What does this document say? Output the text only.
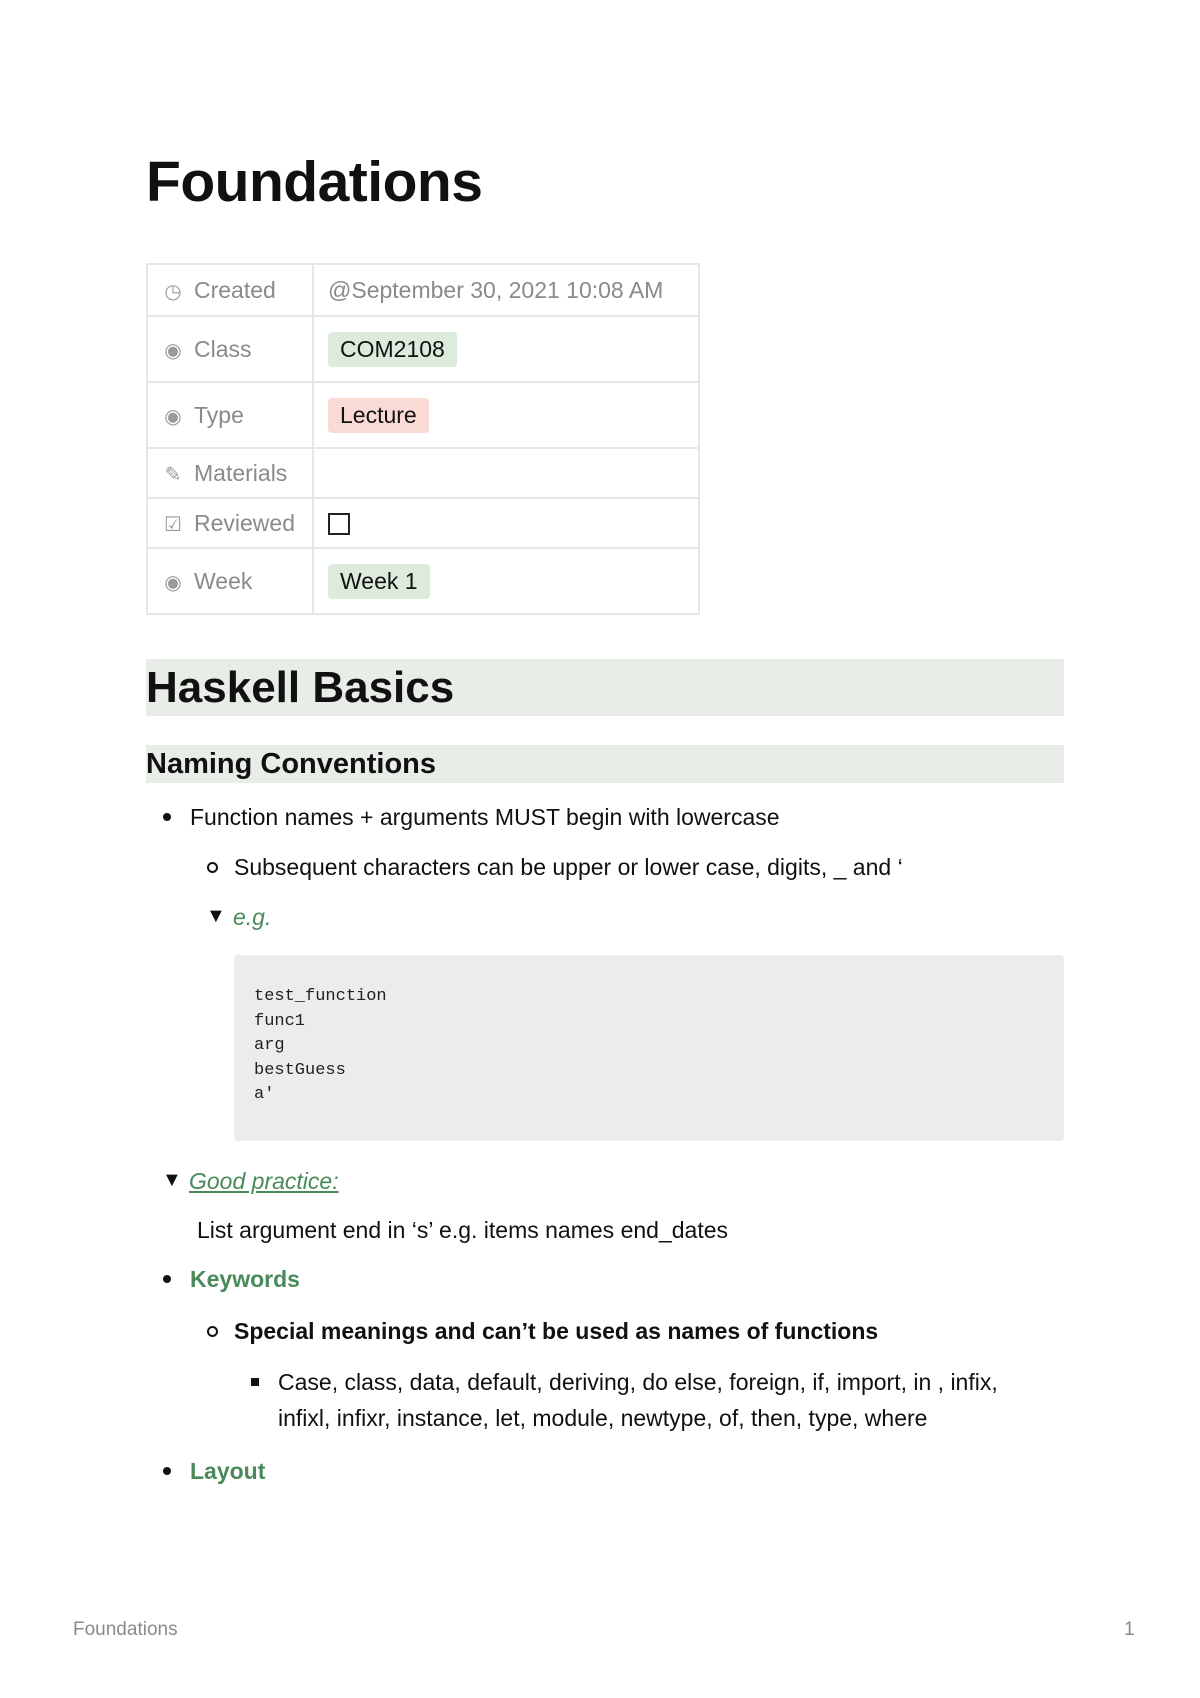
Foundations
◷ Created	@September 30, 2021 10:08 AM
◉ Class	COM2108
◉ Type	Lecture
✎ Materials	
☑ Reviewed	
◉ Week	Week 1
Haskell Basics
Naming Conventions
Function names + arguments MUST begin with lowercase
Subsequent characters can be upper or lower case, digits, _ and ‘
▼ e.g.
test_function
func1
arg
bestGuess
a'
▼ Good practice:
List argument end in ‘s’ e.g. items names end_dates
Keywords
Special meanings and can’t be used as names of functions
Case, class, data, default, deriving, do else, foreign, if, import, in , infix,
infixl, infixr, instance, let, module, newtype, of, then, type, where
Layout
Foundations	1
